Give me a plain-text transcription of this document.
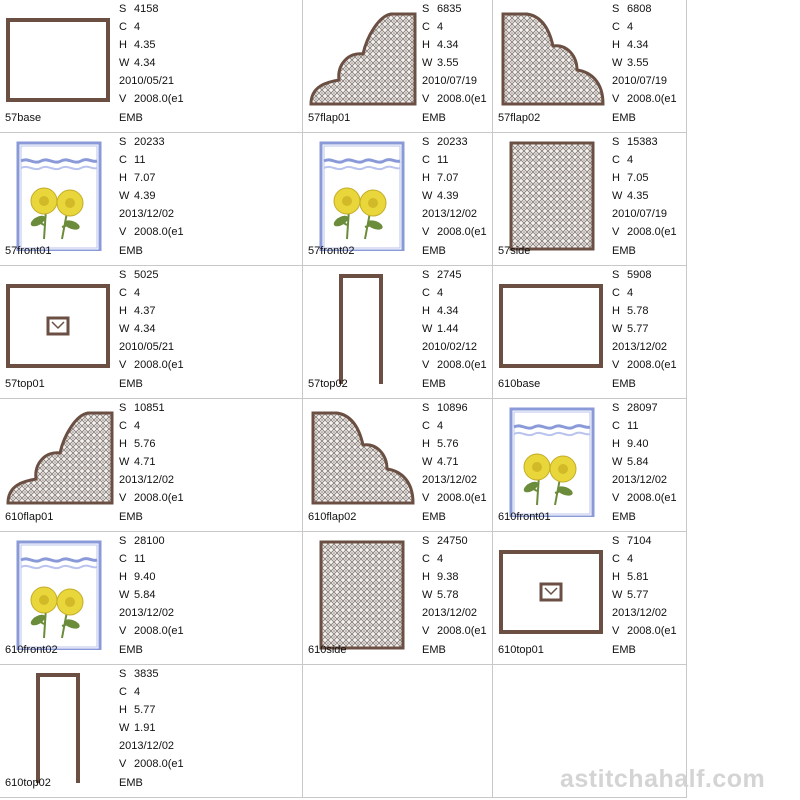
57base
S 4158
C 4
H 4.35
W 4.34
2010/05/21
V 2008.0(e1
EMB	57flap01
S 6835
C 4
H 4.34
W 3.55
2010/07/19
V 2008.0(e1
EMB	57flap02
S 6808
C 4
H 4.34
W 3.55
2010/07/19
V 2008.0(e1
EMB
57front01
S 20233
C 11
H 7.07
W 4.39
2013/12/02
V 2008.0(e1
EMB	57front02
S 20233
C 11
H 7.07
W 4.39
2013/12/02
V 2008.0(e1
EMB	57side
S 15383
C 4
H 7.05
W 4.35
2010/07/19
V 2008.0(e1
EMB
57top01
S 5025
C 4
H 4.37
W 4.34
2010/05/21
V 2008.0(e1
EMB	57top02
S 2745
C 4
H 4.34
W 1.44
2010/02/12
V 2008.0(e1
EMB	610base
S 5908
C 4
H 5.78
W 5.77
2013/12/02
V 2008.0(e1
EMB
610flap01
S 10851
C 4
H 5.76
W 4.71
2013/12/02
V 2008.0(e1
EMB	610flap02
S 10896
C 4
H 5.76
W 4.71
2013/12/02
V 2008.0(e1
EMB	610front01
S 28097
C 11
H 9.40
W 5.84
2013/12/02
V 2008.0(e1
EMB
610front02
S 28100
C 11
H 9.40
W 5.84
2013/12/02
V 2008.0(e1
EMB	610side
S 24750
C 4
H 9.38
W 5.78
2013/12/02
V 2008.0(e1
EMB	610top01
S 7104
C 4
H 5.81
W 5.77
2013/12/02
V 2008.0(e1
EMB
610top02
S 3835
C 4
H 5.77
W 1.91
2013/12/02
V 2008.0(e1
EMB	astitchahalf.com
